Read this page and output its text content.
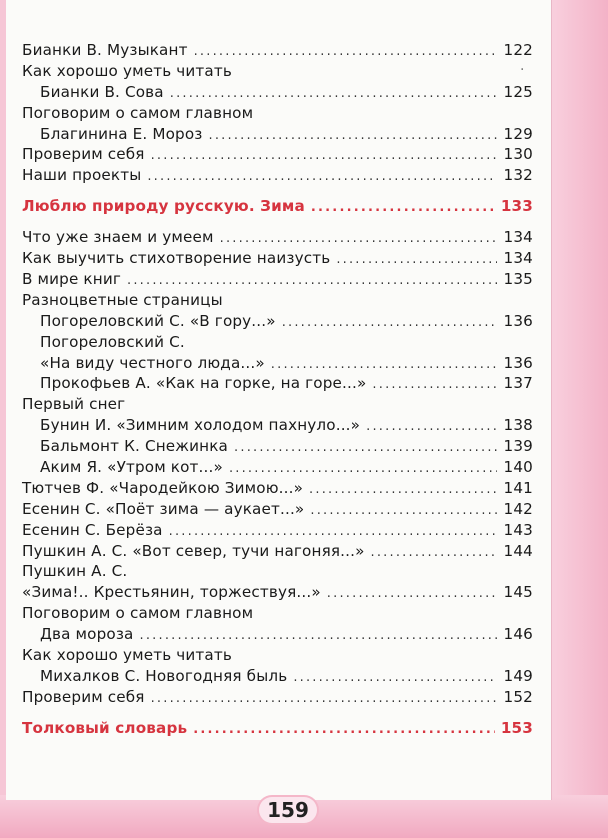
·
Бианки В. Музыкант .....	122
Как хорошо уметь читать
Бианки В. Сова .....	125
Поговорим о самом главном
Благинина Е. Мороз .....	129
Проверим себя .....	130
Наши проекты .....	132
Люблю природу русскую. Зима .....	133
Что уже знаем и умеем .....	134
Как выучить стихотворение наизусть .....	134
В мире книг .....	135
Разноцветные страницы
Погореловский С. «В гору...» .....	136
Погореловский С.
«На виду честного люда...» .....	136
Прокофьев А. «Как на горке, на горе...» .....	137
Первый снег
Бунин И. «Зимним холодом пахнуло...» .....	138
Бальмонт К. Снежинка .....	139
Аким Я. «Утром кот...» .....	140
Тютчев Ф. «Чародейкою Зимою...» .....	141
Есенин С. «Поёт зима — аукает...» .....	142
Есенин С. Берёза .....	143
Пушкин А. С. «Вот север, тучи нагоняя...» .....	144
Пушкин А. С.
«Зима!.. Крестьянин, торжествуя...» .....	145
Поговорим о самом главном
Два мороза .....	146
Как хорошо уметь читать
Михалков С. Новогодняя быль .....	149
Проверим себя .....	152
Толковый словарь .....	153
159
